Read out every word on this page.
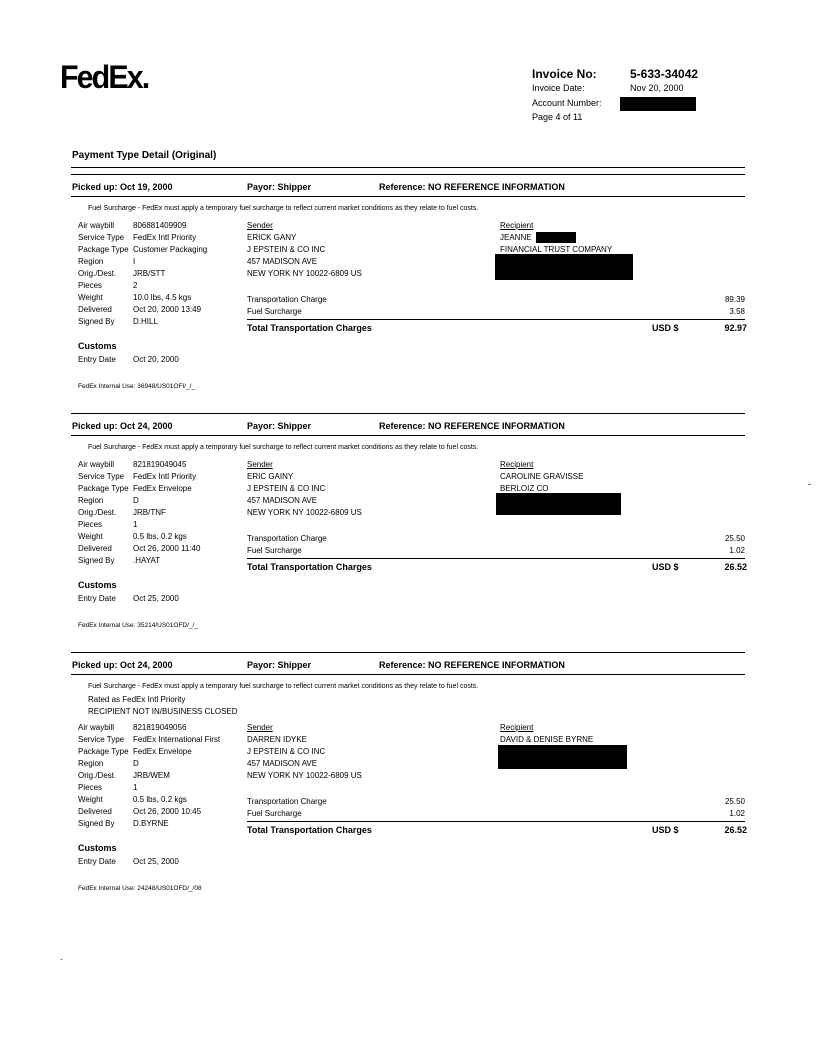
FedEx.	Invoice No:	5-633-34042
Invoice Date:	Nov 20, 2000
Account Number:
Page 4 of 11
Payment Type Detail (Original)
Picked up: Oct 19, 2000	Payor: Shipper	Reference: NO REFERENCE INFORMATION
Fuel Surcharge - FedEx must apply a temporary fuel surcharge to reflect current market conditions as they relate to fuel costs.
Air waybill 806881409909
Service Type FedEx Intl Priority
Package Type Customer Packaging
Region	I
Orig./Dest. JRB/STT
Pieces	2
Weight	10.0 lbs, 4.5 kgs
Delivered	Oct 20, 2000 13:49
Signed By D.HILL
Sender
ERICK GANY
J EPSTEIN & CO INC
457 MADISON AVE
NEW YORK NY 10022-6809 US
Recipient
JEANNE
FINANCIAL TRUST COMPANY
Transportation Charge	89.39
Fuel Surcharge	3.58
Total Transportation Charges	USD $	92.97
Customs
Entry Date Oct 20, 2000
FedEx Internal Use: 36948/US01OFI/_/_
Picked up: Oct 24, 2000	Payor: Shipper	Reference: NO REFERENCE INFORMATION
Fuel Surcharge - FedEx must apply a temporary fuel surcharge to reflect current market conditions as they relate to fuel costs.
Air waybill 821819049045
Service Type FedEx Intl Priority
Package Type FedEx Envelope
Region	D
Orig./Dest. JRB/TNF
Pieces	1
Weight	0.5 lbs, 0.2 kgs
Delivered	Oct 26, 2000 11:40
Signed By .HAYAT
Sender
ERIC GAINY
J EPSTEIN & CO INC
457 MADISON AVE
NEW YORK NY 10022-6809 US
Recipient
CAROLINE GRAVISSE
BERLOIZ CO
Transportation Charge	25.50
Fuel Surcharge	1.02
Total Transportation Charges	USD $	26.52
Customs
Entry Date Oct 25, 2000
FedEx Internal Use: 35214/US01OFD/_/_
Picked up: Oct 24, 2000	Payor: Shipper	Reference: NO REFERENCE INFORMATION
Fuel Surcharge - FedEx must apply a temporary fuel surcharge to reflect current market conditions as they relate to fuel costs.
Rated as FedEx Intl Priority
RECIPIENT NOT IN/BUSINESS CLOSED
Air waybill 821819049056
Service Type FedEx International First
Package Type FedEx Envelope
Region	D
Orig./Dest. JRB/WEM
Pieces	1
Weight	0.5 lbs, 0.2 kgs
Delivered	Oct 26, 2000 10:45
Signed By D.BYRNE
Sender
DARREN IDYKE
J EPSTEIN & CO INC
457 MADISON AVE
NEW YORK NY 10022-6809 US
Recipient
DAVID & DENISE BYRNE
Transportation Charge	25.50
Fuel Surcharge	1.02
Total Transportation Charges	USD $	26.52
Customs
Entry Date Oct 25, 2000
FedEx Internal Use: 24248/US01OFD/_/08
-
.
